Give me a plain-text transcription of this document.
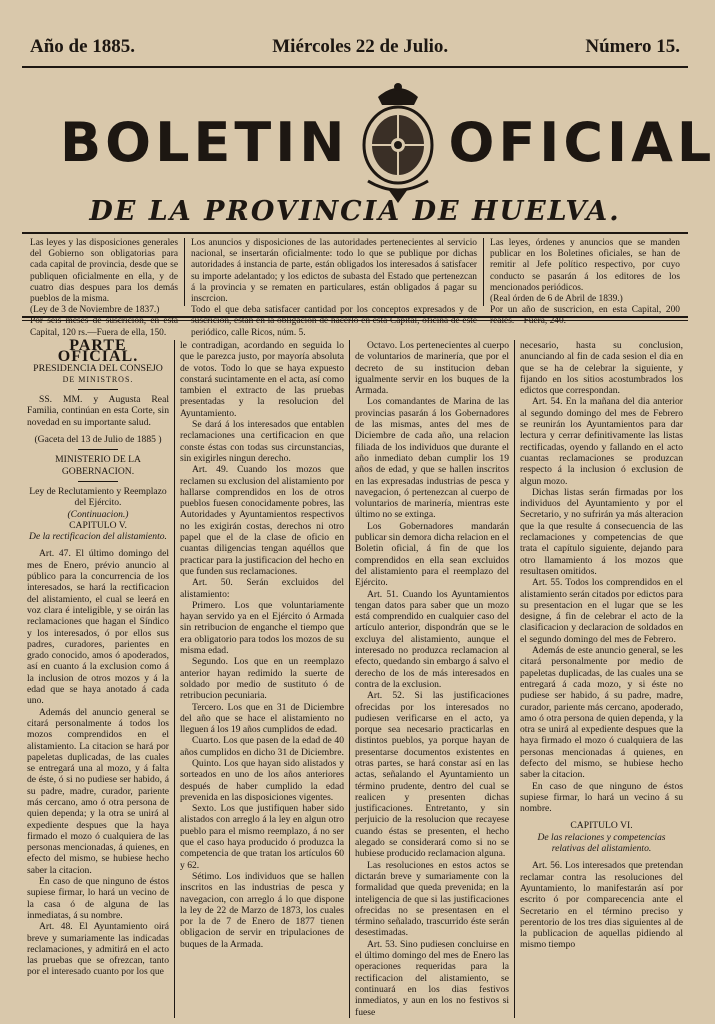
Año de 1885.	Miércoles 22 de Julio.	Número 15.
BOLETIN OFICIAL
DE LA PROVINCIA DE HUELVA.

Las leyes y las disposiciones generales del Gobierno son obligatorias para cada capital de provincia, desde que se publiquen oficialmente en ella, y de cuatro dias despues para los demás pueblos de la misma.

(Ley de 3 de Noviembre de 1837.)

Por seis meses de suscricion, en esta Capital, 120 rs.—Fuera de ella, 150.

Los anuncios y disposiciones de las autoridades pertenecientes al servicio nacional, se insertarán oficialmente: todo lo que se publique por dichas autoridades á instancia de parte, están obligados los interesados á satisfacer su importe adelantado; y los edictos de subasta del Estado que pertenezcan á la provincia y se rematen en particulares, están obligados á pagar su inscrcion.

Todo el que deba satisfacer cantidad por los conceptos expresados y de suscricion, están en la obligacion de hacerlo en esta Capital, oficina de este periódico, calle Ricos, núm. 5.

Las leyes, órdenes y anuncios que se manden publicar en los Boletines oficiales, se han de remitir al Jefe político respectivo, por cuyo conducto se pasarán á los editores de los mencionados periódicos.

(Real órden de 6 de Abril de 1839.)

Por un año de suscricion, en esta Capital, 200 reales.—Fuera, 240.

PARTE OFICIAL.

PRESIDENCIA DEL CONSEJO

DE MINISTROS.

SS. MM. y Augusta Real Familia, continúan en esta Corte, sin novedad en su importante salud.

(Gaceta del 13 de Julio de 1885 )

MINISTERIO DE LA GOBERNACION.

Ley de Reclutamiento y Reemplazo del Ejército.

(Continuacion.)

CAPITULO V.

De la rectificacion del alistamiento.

Art. 47. El último domingo del mes de Enero, prévio anuncio al público para la concurrencia de los interesados, se hará la rectificacion del alistamiento, el cual se leerá en voz clara é inteligible, y se oirán las reclamaciones que hagan el Síndico y los interesados, ó por ellos sus padres, curadores, parientes en grado conocido, amos ó apoderados, así en cuanto á la exclusion como á la inclusion de otros mozos y á la edad que se haya anotado á cada uno.

Además del anuncio general se citará personalmente á todos los mozos comprendidos en el alistamiento. La citacion se hará por papeletas duplicadas, de las cuales se entregará una al mozo, y á falta de éste, ó si no pudiese ser habido, á su padre, madre, curador, pariente más cercano, amo ó otra persona de quien dependa; y la otra se unirá al expediente despues que la haya firmado el mozo ó cualquiera de las personas mencionadas, á quienes, en efecto del mismo, se hubiese hecho saber la citacion.

En caso de que ninguno de éstos supiese firmar, lo hará un vecino de la casa ó de alguna de las inmediatas, á su nombre.

Art. 48. El Ayuntamiento oirá breve y sumariamente las indicadas reclamaciones, y admitirá en el acto las pruebas que se ofrezcan, tanto por el interesado cuanto por los que

le contradigan, acordando en seguida lo que le parezca justo, por mayoría absoluta de votos. Todo lo que se haya expuesto constará sucintamente en el acta, así como tambien el extracto de las pruebas presentadas y la resolucion del Ayuntamiento.

Se dará á los interesados que entablen reclamaciones una certificacion en que conste éstas con todas sus circunstancias, sin exigirles ningun derecho.

Art. 49. Cuando los mozos que reclamen su exclusion del alistamiento por hallarse comprendidos en los de otros pueblos fuesen conocidamente pobres, las Autoridades y Ayuntamientos respectivos no les exigirán costas, derechos ni otro papel que el de la clase de oficio en cuantas diligencias tengan aquéllos que practicar para la justificacion del hecho en que funden sus reclamaciones.

Art. 50. Serán excluidos del alistamiento:

Primero. Los que voluntariamente hayan servido ya en el Ejército ó Armada sin retribucion de enganche el tiempo que era obligatorio para todos los mozos de su misma edad.

Segundo. Los que en un reemplazo anterior hayan redimido la suerte de soldado por medio de sustituto ó de retribucion pecuniaria.

Tercero. Los que en 31 de Diciembre del año que se hace el alistamiento no lleguen á los 19 años cumplidos de edad.

Cuarto. Los que pasen de la edad de 40 años cumplidos en dicho 31 de Diciembre.

Quinto. Los que hayan sido alistados y sorteados en uno de los años anteriores después de haber cumplido la edad prevenida en las disposiciones vigentes.

Sexto. Los que justifiquen haber sido alistados con arreglo á la ley en algun otro pueblo para el mismo reemplazo, á no ser que el caso haya producido ó produzca la competencia de que tratan los artículos 60 y 62.

Sétimo. Los individuos que se hallen inscritos en las industrias de pesca y navegacion, con arreglo á lo que dispone la ley de 22 de Marzo de 1873, los cuales por la de 7 de Enero de 1877 tienen obligacion de servir en tripulaciones de buques de la Armada.

Octavo. Los pertenecientes al cuerpo de voluntarios de marinería, que por el decreto de su institucion deban igualmente servir en los buques de la Armada.

Los comandantes de Marina de las provincias pasarán á los Gobernadores de las mismas, antes del mes de Diciembre de cada año, una relacion filiada de los individuos que durante el año inmediato deban cumplir los 19 años de edad, y que se hallen inscritos en las expresadas industrias de pesca y navegacion, ó pertenezcan al cuerpo de voluntarios de marinería, mientras este último no se extinga.

Los Gobernadores mandarán publicar sin demora dicha relacion en el Boletin oficial, á fin de que los comprendidos en ella sean excluidos del alistamiento para el reemplazo del Ejército.

Art. 51. Cuando los Ayuntamientos tengan datos para saber que un mozo está comprendido en cualquier caso del artículo anterior, dispondrán que se le excluya del alistamiento, aunque el interesado no produzca reclamacion al efecto, quedando sin embargo á salvo el derecho de los de más interesados en contra de la exclusion.

Art. 52. Si las justificaciones ofrecidas por los interesados no pudiesen verificarse en el acto, ya porque sea necesario practicarlas en distintos pueblos, ya porque hayan de presentarse documentos existentes en otras partes, se hará constar así en las actas, señalando el Ayuntamiento un término prudente, dentro del cual se realicen y presenten dichas justificaciones. Entretanto, y sin perjuicio de la resolucion que recayese cuando éstas se presenten, el hecho alegado se considerará como si no se hubiese producido reclamacion alguna.

Las resoluciones en estos actos se dictarán breve y sumariamente con la formalidad que queda prevenida; en la inteligencia de que si las justificaciones ofrecidas no se presentasen en el término señalado, trascurrido éste serán desestimadas.

Art. 53. Sino pudiesen concluirse en el último domingo del mes de Enero las operaciones requeridas para la rectificacion del alistamiento, se continuará en los dias festivos inmediatos, y aun en los no festivos si fuese

necesario, hasta su conclusion, anunciando al fin de cada sesion el dia en que se ha de celebrar la siguiente, y fijando en los sitios acostumbrados los edictos que correspondan.

Art. 54. En la mañana del dia anterior al segundo domingo del mes de Febrero se reunirán los Ayuntamientos para dar lectura y cerrar definitivamente las listas rectificadas, oyendo y fallando en el acto cuantas reclamaciones se produzcan respecto á la inclusion ó exclusion de algun mozo.

Dichas listas serán firmadas por los individuos del Ayuntamiento y por el Secretario, y no sufrirán ya más alteracion que la que resulte á consecuencia de las reclamaciones y competencias de que trata el capítulo siguiente, dejando para otro llamamiento á los mozos que resultasen omitidos.

Art. 55. Todos los comprendidos en el alistamiento serán citados por edictos para su presentacion en el lugar que se les designe, á fin de celebrar el acto de la clasificacion y declaracion de soldados en el segundo domingo del mes de Febrero.

Además de este anuncio general, se les citará personalmente por medio de papeletas duplicadas, de las cuales una se entregará á cada mozo, y si éste no pudiese ser habido, á su padre, madre, curador, pariente más cercano, apoderado, amo ó otra persona de quien dependa, y la otra se unirá al expediente despues que la haya firmado el mozo ó cualquiera de las personas mencionadas á quienes, en defecto del mismo, se hubiese hecho saber la citacion.

En caso de que ninguno de éstos supiese firmar, lo hará un vecino á su nombre.

CAPITULO VI.

De las relaciones y competencias relativas del alistamiento.

Art. 56. Los interesados que pretendan reclamar contra las resoluciones del Ayuntamiento, lo manifestarán así por escrito ó por comparecencia ante el Secretario en el término preciso y perentorio de los tres dias siguientes al de la publicacion de aquellas pidiendo al mismo tiempo
